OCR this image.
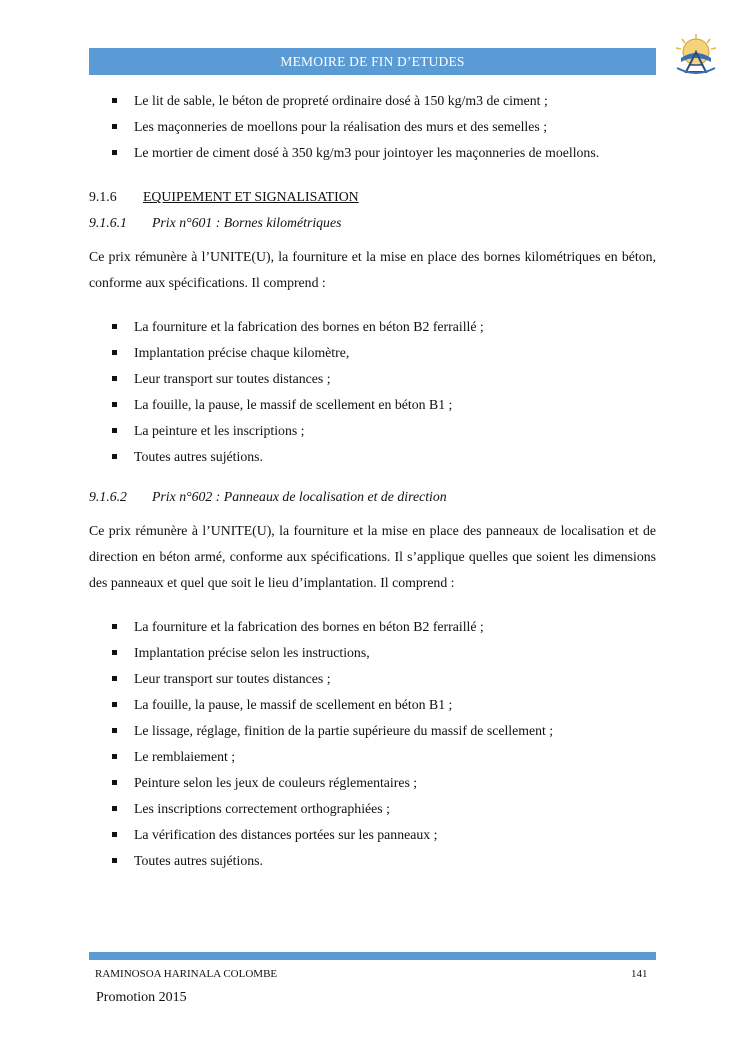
MEMOIRE DE FIN D’ETUDES
Le lit de sable, le béton de propreté ordinaire dosé à 150 kg/m3 de ciment ;
Les maçonneries de moellons pour la réalisation des murs et des semelles ;
Le mortier de ciment dosé à 350 kg/m3 pour jointoyer les maçonneries de moellons.
9.1.6 EQUIPEMENT ET SIGNALISATION
9.1.6.1 Prix n°601 : Bornes kilométriques

Ce prix rémunère à l’UNITE(U), la fourniture et la mise en place des bornes kilométriques en béton, conforme aux spécifications. Il comprend :

La fourniture et la fabrication des bornes en béton B2 ferraillé ;
Implantation précise chaque kilomètre,
Leur transport sur toutes distances ;
La fouille, la pause, le massif de scellement en béton B1 ;
La peinture et les inscriptions ;
Toutes autres sujétions.
9.1.6.2 Prix n°602 : Panneaux de localisation et de direction

Ce prix rémunère à l’UNITE(U), la fourniture et la mise en place des panneaux de localisation et de direction en béton armé, conforme aux spécifications. Il s’applique quelles que soient les dimensions des panneaux et quel que soit le lieu d’implantation. Il comprend :

La fourniture et la fabrication des bornes en béton B2 ferraillé ;
Implantation précise selon les instructions,
Leur transport sur toutes distances ;
La fouille, la pause, le massif de scellement en béton B1 ;
Le lissage, réglage, finition de la partie supérieure du massif de scellement ;
Le remblaiement ;
Peinture selon les jeux de couleurs réglementaires ;
Les inscriptions correctement orthographiées ;
La vérification des distances portées sur les panneaux ;
Toutes autres sujétions.
RAMINOSOA HARINALA COLOMBE	141
Promotion 2015
